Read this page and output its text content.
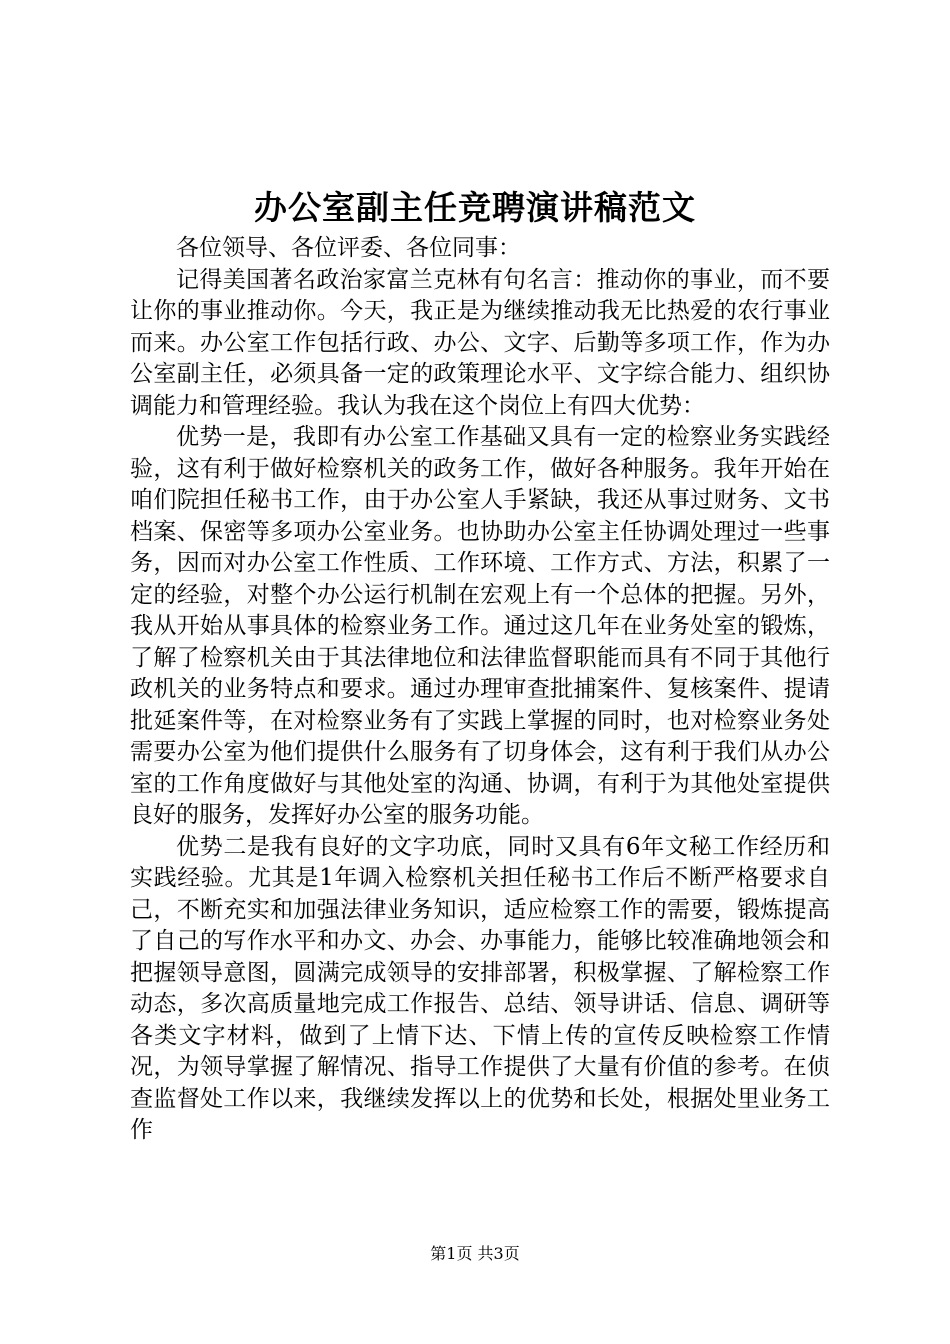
办公室副主任竞聘演讲稿范文

各位领导、各位评委、各位同事：

记得美国著名政治家富兰克林有句名言：推动你的事业，而不要让你的事业推动你。今天，我正是为继续推动我无比热爱的农行事业而来。办公室工作包括行政、办公、文字、后勤等多项工作，作为办公室副主任，必须具备一定的政策理论水平、文字综合能力、组织协调能力和管理经验。我认为我在这个岗位上有四大优势：

优势一是，我即有办公室工作基础又具有一定的检察业务实践经验，这有利于做好检察机关的政务工作，做好各种服务。我年开始在咱们院担任秘书工作，由于办公室人手紧缺，我还从事过财务、文书档案、保密等多项办公室业务。也协助办公室主任协调处理过一些事务，因而对办公室工作性质、工作环境、工作方式、方法，积累了一定的经验，对整个办公运行机制在宏观上有一个总体的把握。另外，我从开始从事具体的检察业务工作。通过这几年在业务处室的锻炼，了解了检察机关由于其法律地位和法律监督职能而具有不同于其他行政机关的业务特点和要求。通过办理审查批捕案件、复核案件、提请批延案件等，在对检察业务有了实践上掌握的同时，也对检察业务处需要办公室为他们提供什么服务有了切身体会，这有利于我们从办公室的工作角度做好与其他处室的沟通、协调，有利于为其他处室提供良好的服务，发挥好办公室的服务功能。

优势二是我有良好的文字功底，同时又具有6年文秘工作经历和实践经验。尤其是1年调入检察机关担任秘书工作后不断严格要求自己，不断充实和加强法律业务知识，适应检察工作的需要，锻炼提高了自己的写作水平和办文、办会、办事能力，能够比较准确地领会和把握领导意图，圆满完成领导的安排部署，积极掌握、了解检察工作动态，多次高质量地完成工作报告、总结、领导讲话、信息、调研等各类文字材料，做到了上情下达、下情上传的宣传反映检察工作情况，为领导掌握了解情况、指导工作提供了大量有价值的参考。在侦查监督处工作以来，我继续发挥以上的优势和长处，根据处里业务工作

第1页 共3页
